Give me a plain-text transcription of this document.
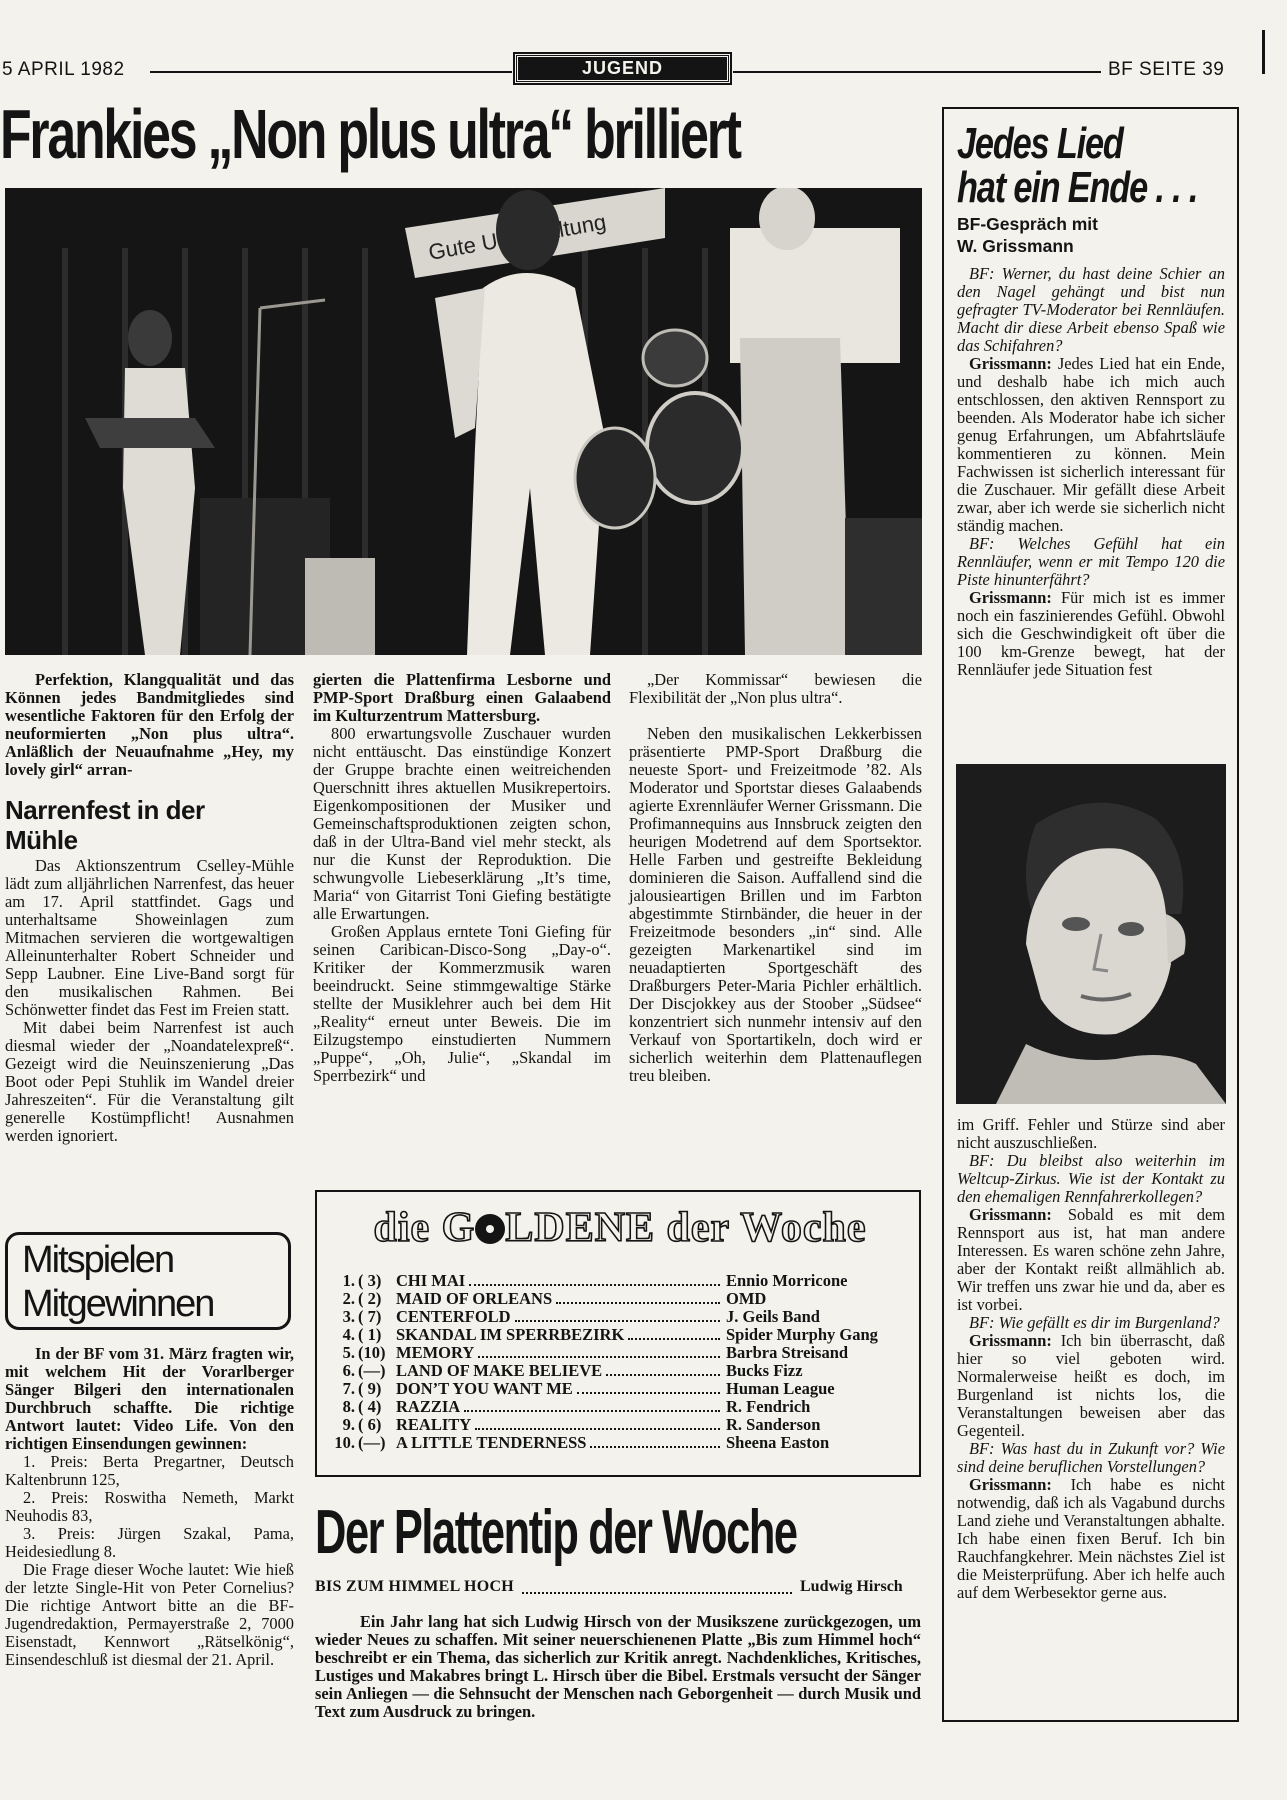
5 APRIL 1982	JUGEND	BF SEITE 39
Frankies „Non plus ultra“ brilliert
Gute
Perfektion, Klangqualität und das Können jedes Bandmitgliedes sind wesentliche Faktoren für den Erfolg der neuformierten „Non plus ultra“. Anläßlich der Neuaufnahme „Hey, my lovely girl“ arran-

gierten die Plattenfirma Lesborne und PMP-Sport Draßburg einen Galaabend im Kulturzentrum Mattersburg.

800 erwartungsvolle Zuschauer wurden nicht enttäuscht. Das einstündige Konzert der Gruppe brachte einen weitreichenden Querschnitt ihres aktuellen Musikrepertoirs. Eigenkompositionen der Musiker und Gemeinschaftsproduktionen zeigten schon, daß in der Ultra-Band viel mehr steckt, als nur die Kunst der Reproduktion. Die schwungvolle Liebeserklärung „It’s time, Maria“ von Gitarrist Toni Giefing bestätigte alle Erwartungen.

Großen Applaus erntete Toni Giefing für seinen Caribican-Disco-Song „Day-o“. Kritiker der Kommerzmusik waren beeindruckt. Seine stimmgewaltige Stärke stellte der Musiklehrer auch bei dem Hit „Reality“ erneut unter Beweis. Die im Eilzugstempo einstudierten Nummern „Puppe“, „Oh, Julie“, „Skandal im Sperrbezirk“ und

„Der Kommissar“ bewiesen die Flexibilität der „Non plus ultra“.

Neben den musikalischen Lekkerbissen präsentierte PMP-Sport Draßburg die neueste Sport- und Freizeitmode ’82. Als Moderator und Sportstar dieses Galaabends agierte Exrennläufer Werner Grissmann. Die Profimannequins aus Innsbruck zeigten den heurigen Modetrend auf dem Sportsektor. Helle Farben und gestreifte Bekleidung dominieren die Saison. Auffallend sind die jalousieartigen Brillen und im Farbton abgestimmte Stirnbänder, die heuer in der Freizeitmode besonders „in“ sind. Alle gezeigten Markenartikel sind im neuadaptierten Sportgeschäft des Draßburgers Peter-Maria Pichler erhältlich. Der Discjokkey aus der Stoober „Südsee“ konzentriert sich nunmehr intensiv auf den Verkauf von Sportartikeln, doch wird er sicherlich weiterhin dem Plattenauflegen treu bleiben.

Narrenfest in der Mühle

Das Aktionszentrum Cselley-Mühle lädt zum alljährlichen Narrenfest, das heuer am 17. April stattfindet. Gags und unterhaltsame Showeinlagen zum Mitmachen servieren die wortgewaltigen Alleinunterhalter Robert Schneider und Sepp Laubner. Eine Live-Band sorgt für den musikalischen Rahmen. Bei Schönwetter findet das Fest im Freien statt.

Mit dabei beim Narrenfest ist auch diesmal wieder der „Noandatelexpreß“. Gezeigt wird die Neuinszenierung „Das Boot oder Pepi Stuhlik im Wandel dreier Jahreszeiten“. Für die Veranstaltung gilt generelle Kostümpflicht! Ausnahmen werden ignoriert.

Mitspielen
Mitgewinnen

In der BF vom 31. März fragten wir, mit welchem Hit der Vorarlberger Sänger Bilgeri den internationalen Durchbruch schaffte. Die richtige Antwort lautet: Video Life. Von den richtigen Einsendungen gewinnen:

1. Preis: Berta Pregartner, Deutsch Kaltenbrunn 125,

2. Preis: Roswitha Nemeth, Markt Neuhodis 83,

3. Preis: Jürgen Szakal, Pama, Heidesiedlung 8.

Die Frage dieser Woche lautet: Wie hieß der letzte Single-Hit von Peter Cornelius? Die richtige Antwort bitte an die BF-Jugendredaktion, Permayerstraße 2, 7000 Eisenstadt, Kennwort „Rätselkönig“, Einsendeschluß ist diesmal der 21. April.

die G LDENE der Woche
1. ( 3) CHI MAI	Ennio Morricone
2. ( 2) MAID OF ORLEANS	OMD
3. ( 7) CENTERFOLD	J. Geils Band
4. ( 1) SKANDAL IM SPERRBEZIRK	Spider Murphy Gang
5. (10) MEMORY	Barbra Streisand
6. (—) LAND OF MAKE BELIEVE	Bucks Fizz
7. ( 9) DON’T YOU WANT ME	Human League
8. ( 4) RAZZIA	R. Fendrich
9. ( 6) REALITY	R. Sanderson
10. (—) A LITTLE TENDERNESS	Sheena Easton
Der Plattentip der Woche
BIS ZUM HIMMEL HOCH	Ludwig Hirsch
Ein Jahr lang hat sich Ludwig Hirsch von der Musikszene zurückgezogen, um wieder Neues zu schaffen. Mit seiner neuerschienenen Platte „Bis zum Himmel hoch“ beschreibt er ein Thema, das sicherlich zur Kritik anregt. Nachdenkliches, Kritisches, Lustiges und Makabres bringt L. Hirsch über die Bibel. Erstmals versucht der Sänger sein Anliegen — die Sehnsucht der Menschen nach Geborgenheit — durch Musik und Text zum Ausdruck zu bringen.
Jedes Lied
hat ein Ende . . .
BF-Gespräch mit
W. Grissmann

BF: Werner, du hast deine Schier an den Nagel gehängt und bist nun gefragter TV-Moderator bei Rennläufen. Macht dir diese Arbeit ebenso Spaß wie das Schifahren?

Grissmann: Jedes Lied hat ein Ende, und deshalb habe ich mich auch entschlossen, den aktiven Rennsport zu beenden. Als Moderator habe ich sicher genug Erfahrungen, um Abfahrtsläufe kommentieren zu können. Mein Fachwissen ist sicherlich interessant für die Zuschauer. Mir gefällt diese Arbeit zwar, aber ich werde sie sicherlich nicht ständig machen.

BF: Welches Gefühl hat ein Rennläufer, wenn er mit Tempo 120 die Piste hinunterfährt?

Grissmann: Für mich ist es immer noch ein faszinierendes Gefühl. Obwohl sich die Geschwindigkeit oft über die 100 km-Grenze bewegt, hat der Rennläufer jede Situation fest

im Griff. Fehler und Stürze sind aber nicht auszuschließen.

BF: Du bleibst also weiterhin im Weltcup-Zirkus. Wie ist der Kontakt zu den ehemaligen Rennfahrerkollegen?

Grissmann: Sobald es mit dem Rennsport aus ist, hat man andere Interessen. Es waren schöne zehn Jahre, aber der Kontakt reißt allmählich ab. Wir treffen uns zwar hie und da, aber es ist vorbei.

BF: Wie gefällt es dir im Burgenland?

Grissmann: Ich bin überrascht, daß hier so viel geboten wird. Normalerweise heißt es doch, im Burgenland ist nichts los, die Veranstaltungen beweisen aber das Gegenteil.

BF: Was hast du in Zukunft vor? Wie sind deine beruflichen Vorstellungen?

Grissmann: Ich habe es nicht notwendig, daß ich als Vagabund durchs Land ziehe und Veranstaltungen abhalte. Ich habe einen fixen Beruf. Ich bin Rauchfangkehrer. Mein nächstes Ziel ist die Meisterprüfung. Aber ich helfe auch auf dem Werbesektor gerne aus.
